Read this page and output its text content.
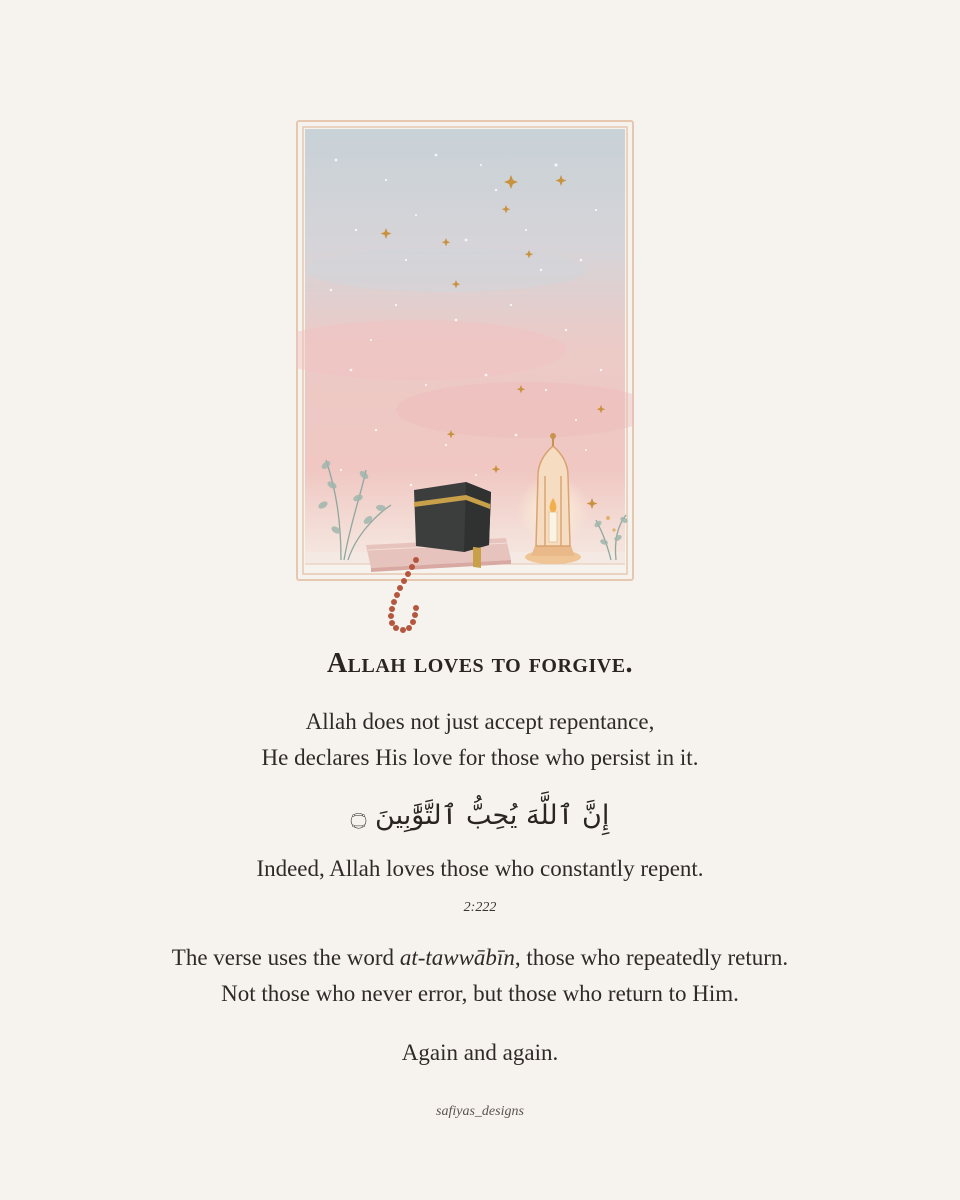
Allah loves to forgive.
Allah does not just accept repentance,
He declares His love for those who persist in it.
إِنَّ ٱللَّهَ يُحِبُّ ٱلتَّوَّٰبِينَ ۝
Indeed, Allah loves those who constantly repent.
2:222
The verse uses the word at-tawwābīn, those who repeatedly return.
Not those who never error, but those who return to Him.
Again and again.
safiyas_designs
